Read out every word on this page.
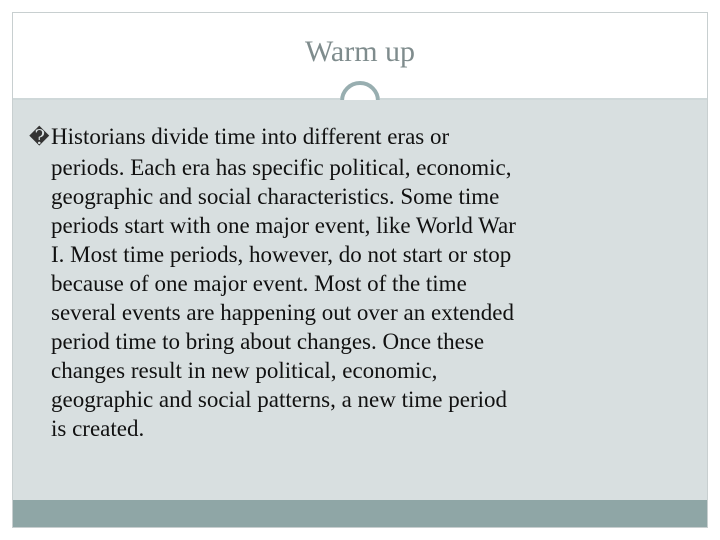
Warm up
�Historians divide time into different eras or
periods. Each era has specific political, economic,
geographic and social characteristics. Some time
periods start with one major event, like World War
I. Most time periods, however, do not start or stop
because of one major event. Most of the time
several events are happening out over an extended
period time to bring about changes. Once these
changes result in new political, economic,
geographic and social patterns, a new time period
is created.
